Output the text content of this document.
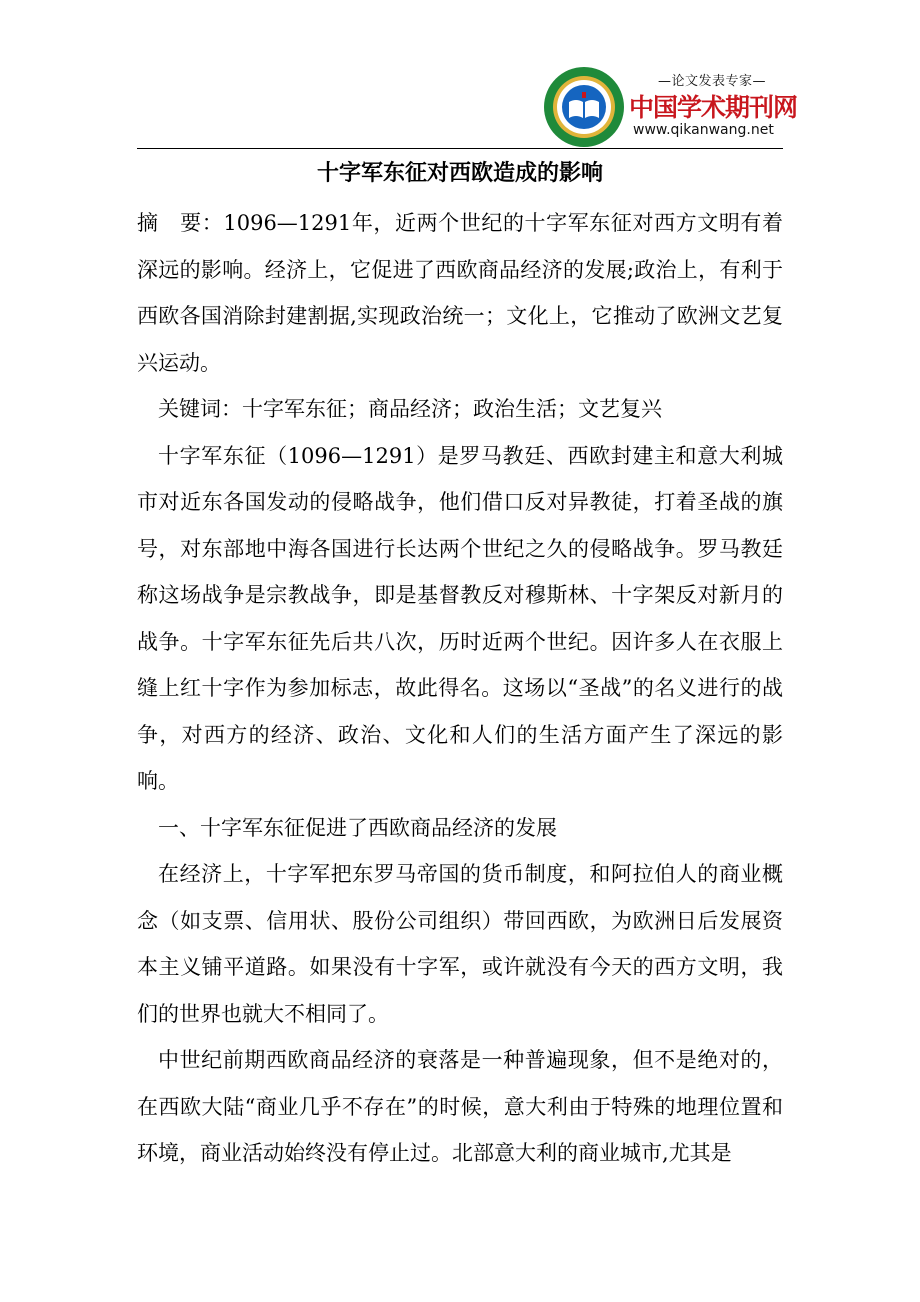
—论文发表专家—
中国学术期刊网
www.qikanwang.net
十字军东征对西欧造成的影响

摘　要：1096—1291年，近两个世纪的十字军东征对西方文明有着深远的影响。经济上，它促进了西欧商品经济的发展;政治上，有利于西欧各国消除封建割据,实现政治统一；文化上，它推动了欧洲文艺复兴运动。

关键词：十字军东征；商品经济；政治生活；文艺复兴

十字军东征（1096—1291）是罗马教廷、西欧封建主和意大利城市对近东各国发动的侵略战争，他们借口反对异教徒，打着圣战的旗号，对东部地中海各国进行长达两个世纪之久的侵略战争。罗马教廷称这场战争是宗教战争，即是基督教反对穆斯林、十字架反对新月的战争。十字军东征先后共八次，历时近两个世纪。因许多人在衣服上缝上红十字作为参加标志，故此得名。这场以“圣战”的名义进行的战争，对西方的经济、政治、文化和人们的生活方面产生了深远的影响。

一、十字军东征促进了西欧商品经济的发展

在经济上，十字军把东罗马帝国的货币制度，和阿拉伯人的商业概念（如支票、信用状、股份公司组织）带回西欧，为欧洲日后发展资本主义铺平道路。如果没有十字军，或许就没有今天的西方文明，我们的世界也就大不相同了。

中世纪前期西欧商品经济的衰落是一种普遍现象，但不是绝对的，在西欧大陆“商业几乎不存在”的时候，意大利由于特殊的地理位置和环境，商业活动始终没有停止过。北部意大利的商业城市,尤其是
